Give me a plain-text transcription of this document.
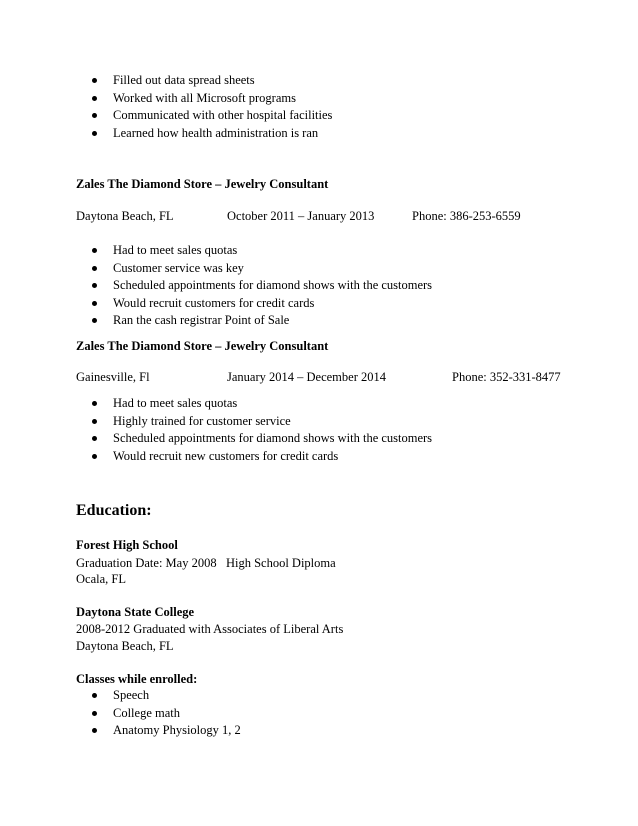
Filled out data spread sheets
Worked with all Microsoft programs
Communicated with other hospital facilities
Learned how health administration is ran
Zales The Diamond Store – Jewelry Consultant
Daytona Beach, FL	October 2011 – January 2013	Phone: 386-253-6559
Had to meet sales quotas
Customer service was key
Scheduled appointments for diamond shows with the customers
Would recruit customers for credit cards
Ran the cash registrar Point of Sale
Zales The Diamond Store – Jewelry Consultant
Gainesville, Fl	January 2014 – December 2014	Phone: 352-331-8477
Had to meet sales quotas
Highly trained for customer service
Scheduled appointments for diamond shows with the customers
Would recruit new customers for credit cards
Education:
Forest High School
Graduation Date: May 2008   High School Diploma
Ocala, FL
Daytona State College
2008-2012 Graduated with Associates of Liberal Arts
Daytona Beach, FL
Classes while enrolled:
Speech
College math
Anatomy Physiology 1, 2
